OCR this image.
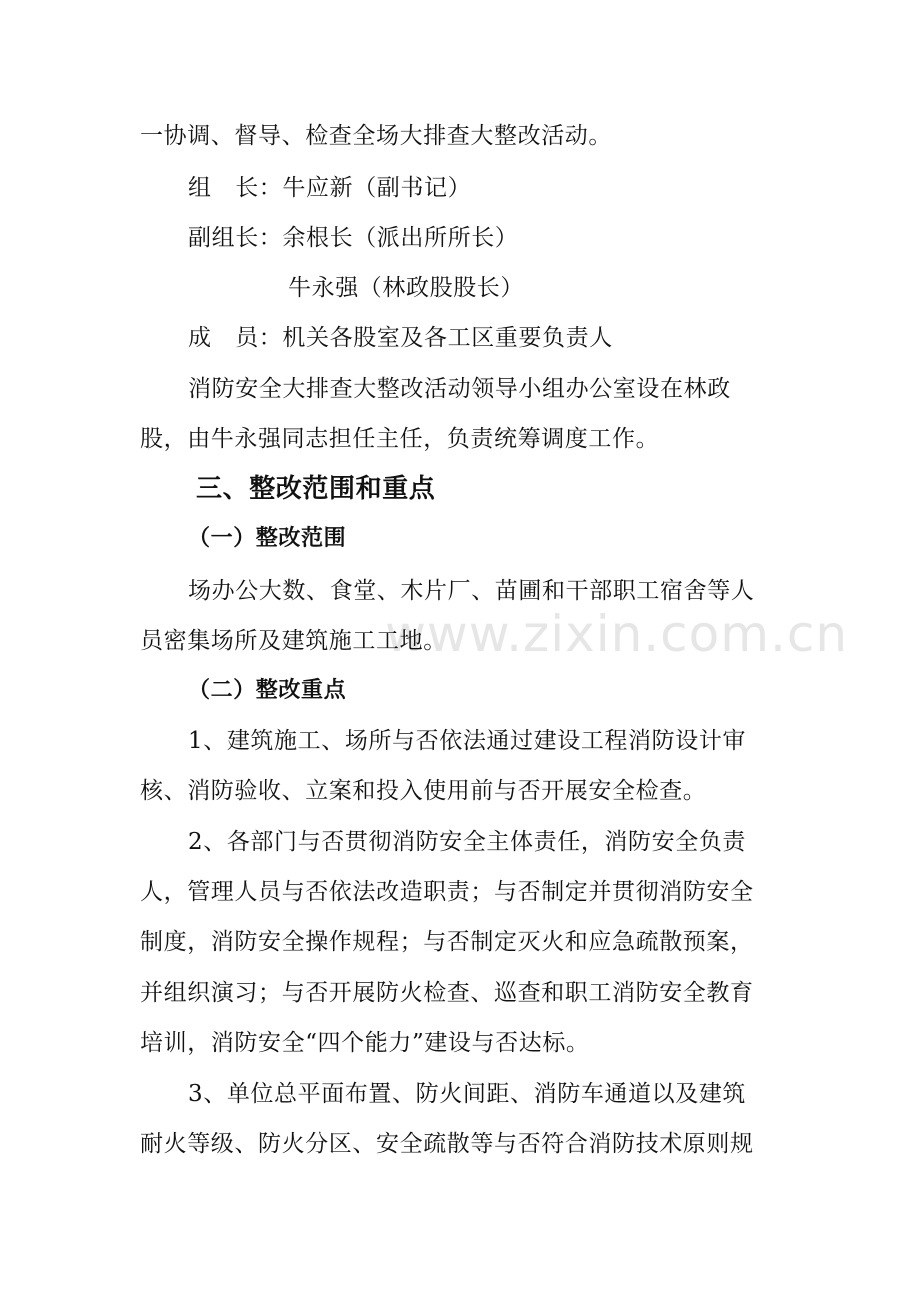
www.zixin.com.cn
一协调、督导、检查全场大排查大整改活动。
组　长：牛应新（副书记）
副组长：余根长（派出所所长）
牛永强（林政股股长）
成　员：机关各股室及各工区重要负责人
消防安全大排查大整改活动领导小组办公室设在林政
股，由牛永强同志担任主任，负责统筹调度工作。
三、整改范围和重点
（一）整改范围
场办公大数、食堂、木片厂、苗圃和干部职工宿舍等人
员密集场所及建筑施工工地。
（二）整改重点
1、建筑施工、场所与否依法通过建设工程消防设计审
核、消防验收、立案和投入使用前与否开展安全检查。
2、各部门与否贯彻消防安全主体责任，消防安全负责
人，管理人员与否依法改造职责；与否制定并贯彻消防安全
制度，消防安全操作规程；与否制定灭火和应急疏散预案，
并组织演习；与否开展防火检查、巡查和职工消防安全教育
培训，消防安全“四个能力”建设与否达标。
3、单位总平面布置、防火间距、消防车通道以及建筑
耐火等级、防火分区、安全疏散等与否符合消防技术原则规
